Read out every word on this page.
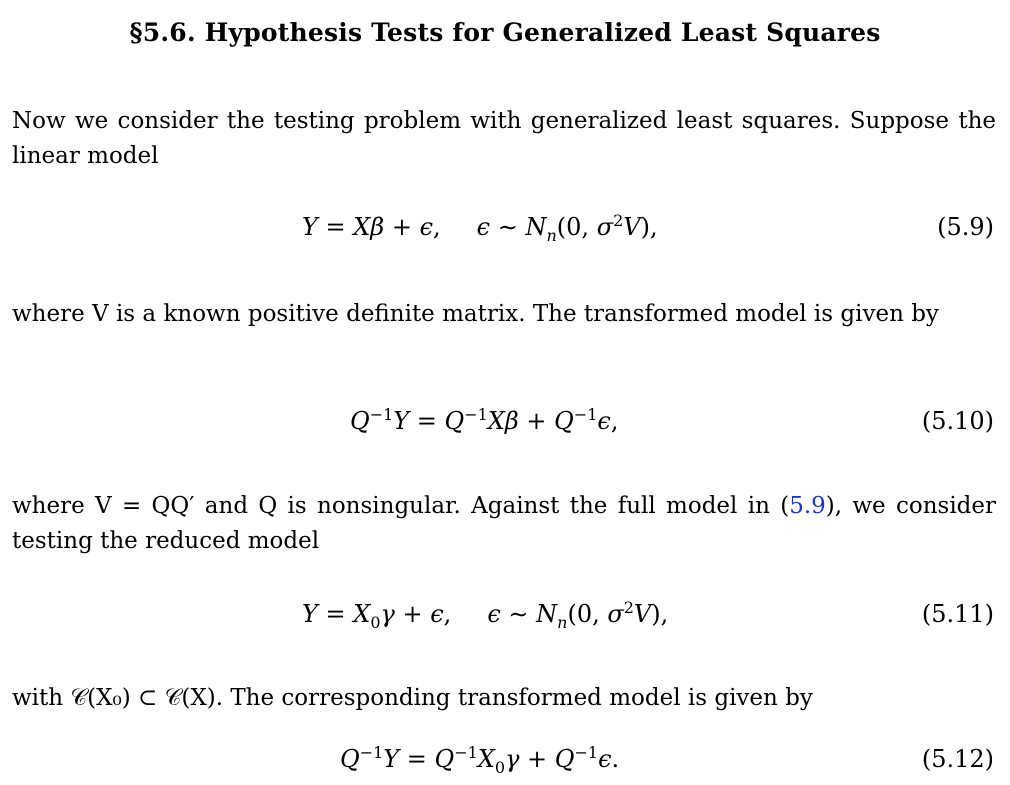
§5.6. Hypothesis Tests for Generalized Least Squares
Now we consider the testing problem with generalized least squares. Suppose the linear model
Y = Xβ + ϵ, ϵ ∼ $N_n(0$, $\sigma^2V$),	(5.9)
where V is a known positive definite matrix. The transformed model is given by
$Q^{-1}Y = Q^{-1}X\beta + Q^{-1}\epsilon$,	(5.10)
where V = QQ′ and Q is nonsingular. Against the full model in (5.9), we consider testing the reduced model
$Y = X_0\gamma + \epsilon$, ϵ ∼ $N_n(0$, $\sigma^2V$),	(5.11)
with 𝒞(X₀) ⊂ 𝒞(X). The corresponding transformed model is given by
$Q^{-1}Y = Q^{-1}X_0\gamma + Q^{-1}\epsilon$.	(5.12)
